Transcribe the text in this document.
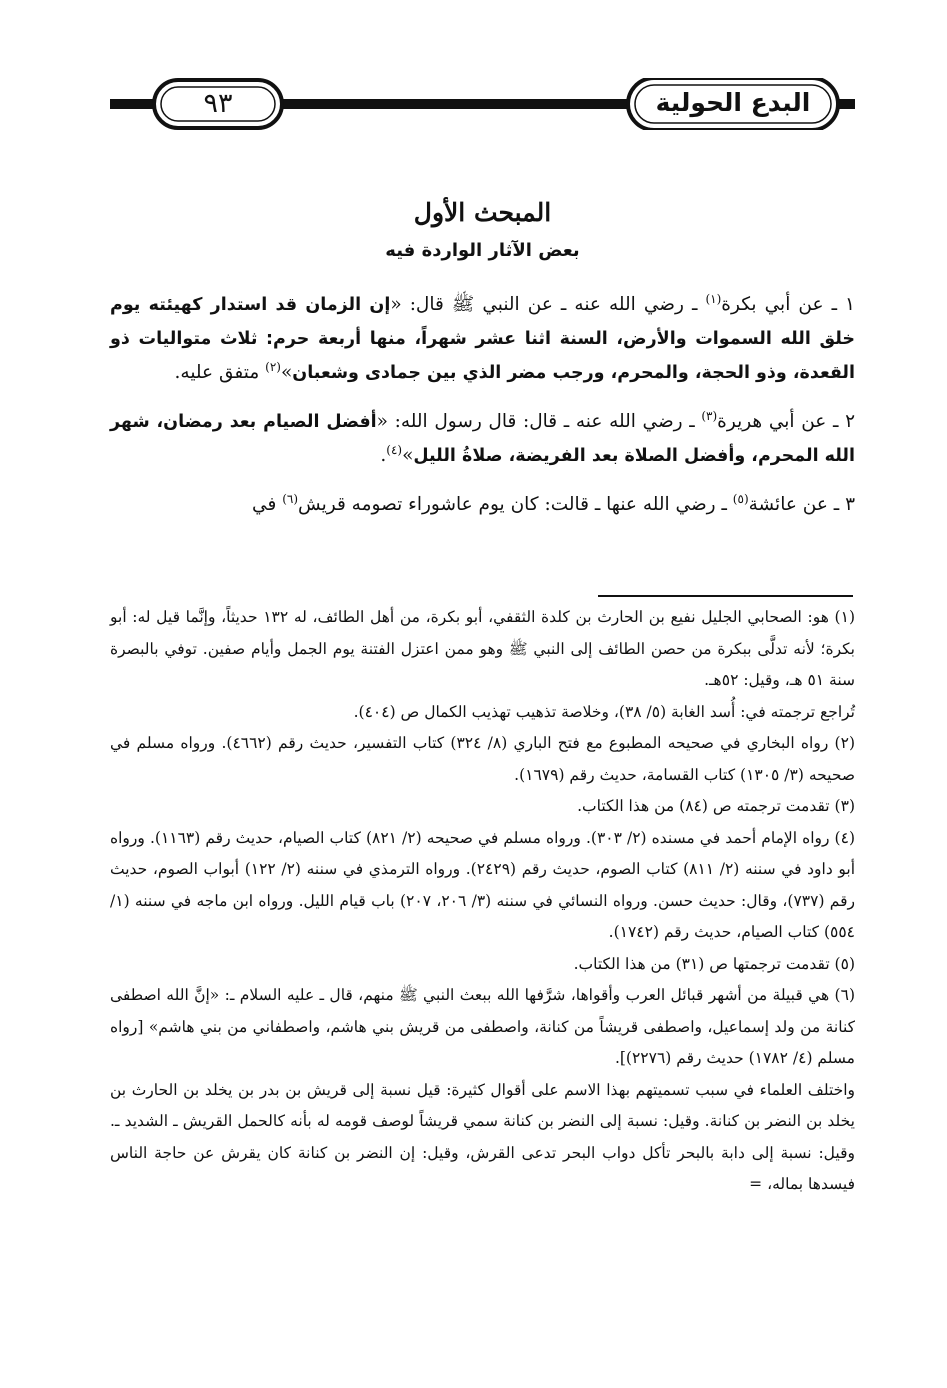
٩٣	البدع الحولية
المبحث الأول
بعض الآثار الواردة فيه

١ ـ عن أبي بكرة$^{(١)}$ ـ رضي الله عنه ـ عن النبي ﷺ قال: «إن الزمان قد استدار كهيئته يوم خلق الله السموات والأرض، السنة اثنا عشر شهراً، منها أربعة حرم: ثلاث متواليات ذو القعدة، وذو الحجة، والمحرم، ورجب مضر الذي بين جمادى وشعبان»$^{(٢)}$ متفق عليه.

٢ ـ عن أبي هريرة$^{(٣)}$ ـ رضي الله عنه ـ قال: قال رسول الله: «أفضل الصيام بعد رمضان، شهر الله المحرم، وأفضل الصلاة بعد الفريضة، صلاةُ الليل»$^{(٤)}$.

٣ ـ عن عائشة$^{(٥)}$ ـ رضي الله عنها ـ قالت: كان يوم عاشوراء تصومه قريش$^{(٦)}$ في

(١) هو: الصحابي الجليل نفيع بن الحارث بن كلدة الثقفي، أبو بكرة، من أهل الطائف، له ١٣٢ حديثاً، وإنَّما قيل له: أبو بكرة؛ لأنه تدلَّى ببكرة من حصن الطائف إلى النبي ﷺ وهو ممن اعتزل الفتنة يوم الجمل وأيام صفين. توفي بالبصرة سنة ٥١ هـ، وقيل: ٥٢هـ.
تُراجع ترجمته في: أُسد الغابة (٥/ ٣٨)، وخلاصة تذهيب تهذيب الكمال ص (٤٠٤).
(٢) رواه البخاري في صحيحه المطبوع مع فتح الباري (٨/ ٣٢٤) كتاب التفسير، حديث رقم (٤٦٦٢). ورواه مسلم في صحيحه (٣/ ١٣٠٥) كتاب القسامة، حديث رقم (١٦٧٩).
(٣) تقدمت ترجمته ص (٨٤) من هذا الكتاب.
(٤) رواه الإمام أحمد في مسنده (٢/ ٣٠٣). ورواه مسلم في صحيحه (٢/ ٨٢١) كتاب الصيام، حديث رقم (١١٦٣). ورواه أبو داود في سننه (٢/ ٨١١) كتاب الصوم، حديث رقم (٢٤٢٩). ورواه الترمذي في سننه (٢/ ١٢٢) أبواب الصوم، حديث رقم (٧٣٧)، وقال: حديث حسن. ورواه النسائي في سننه (٣/ ٢٠٦، ٢٠٧) باب قيام الليل. ورواه ابن ماجه في سننه (١/ ٥٥٤) كتاب الصيام، حديث رقم (١٧٤٢).
(٥) تقدمت ترجمتها ص (٣١) من هذا الكتاب.
(٦) هي قبيلة من أشهر قبائل العرب وأقواها، شرَّفها الله ببعث النبي ﷺ منهم، قال ـ عليه السلام ـ: «إنَّ الله اصطفى كنانة من ولد إسماعيل، واصطفى قريشاً من كنانة، واصطفى من قريش بني هاشم، واصطفاني من بني هاشم» [رواه مسلم (٤/ ١٧٨٢) حديث رقم (٢٢٧٦)].
واختلف العلماء في سبب تسميتهم بهذا الاسم على أقوال كثيرة: قيل نسبة إلى قريش بن بدر بن يخلد بن الحارث بن يخلد بن النضر بن كنانة. وقيل: نسبة إلى النضر بن كنانة سمي قريشاً لوصف قومه له بأنه كالحمل القريش ـ الشديد ـ. وقيل: نسبة إلى دابة بالبحر تأكل دواب البحر تدعى القرش، وقيل: إن النضر بن كنانة كان يقرش عن حاجة الناس فيسدها بماله، =
